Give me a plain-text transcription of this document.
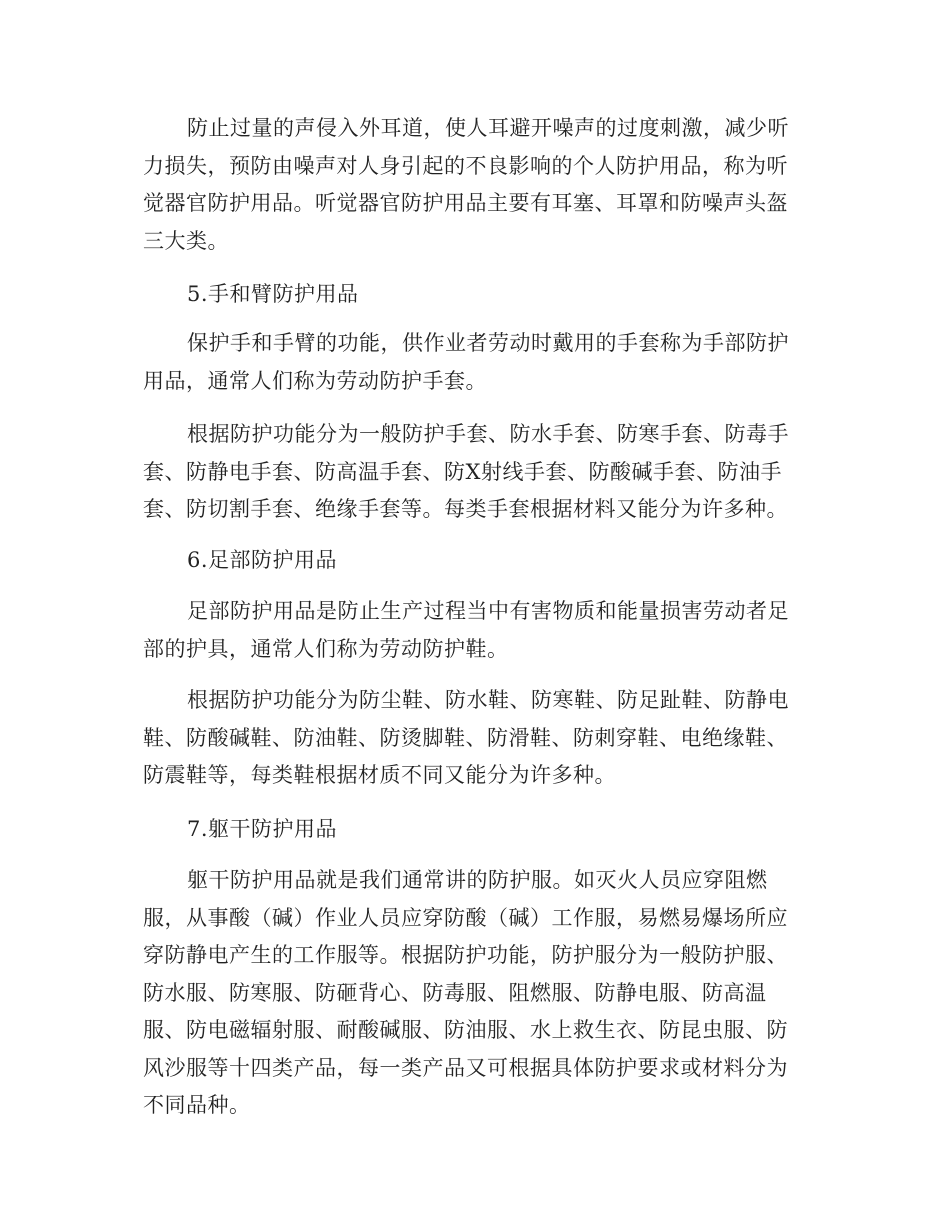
防止过量的声侵入外耳道，使人耳避开噪声的过度刺激，减少听力损失，预防由噪声对人身引起的不良影响的个人防护用品，称为听觉器官防护用品。听觉器官防护用品主要有耳塞、耳罩和防噪声头盔三大类。

5.手和臂防护用品

保护手和手臂的功能，供作业者劳动时戴用的手套称为手部防护用品，通常人们称为劳动防护手套。

根据防护功能分为一般防护手套、防水手套、防寒手套、防毒手套、防静电手套、防高温手套、防X射线手套、防酸碱手套、防油手套、防切割手套、绝缘手套等。每类手套根据材料又能分为许多种。

6.足部防护用品

足部防护用品是防止生产过程当中有害物质和能量损害劳动者足部的护具，通常人们称为劳动防护鞋。

根据防护功能分为防尘鞋、防水鞋、防寒鞋、防足趾鞋、防静电鞋、防酸碱鞋、防油鞋、防烫脚鞋、防滑鞋、防刺穿鞋、电绝缘鞋、防震鞋等，每类鞋根据材质不同又能分为许多种。

7.躯干防护用品

躯干防护用品就是我们通常讲的防护服。如灭火人员应穿阻燃服，从事酸（碱）作业人员应穿防酸（碱）工作服，易燃易爆场所应穿防静电产生的工作服等。根据防护功能，防护服分为一般防护服、防水服、防寒服、防砸背心、防毒服、阻燃服、防静电服、防高温服、防电磁辐射服、耐酸碱服、防油服、水上救生衣、防昆虫服、防风沙服等十四类产品，每一类产品又可根据具体防护要求或材料分为不同品种。
